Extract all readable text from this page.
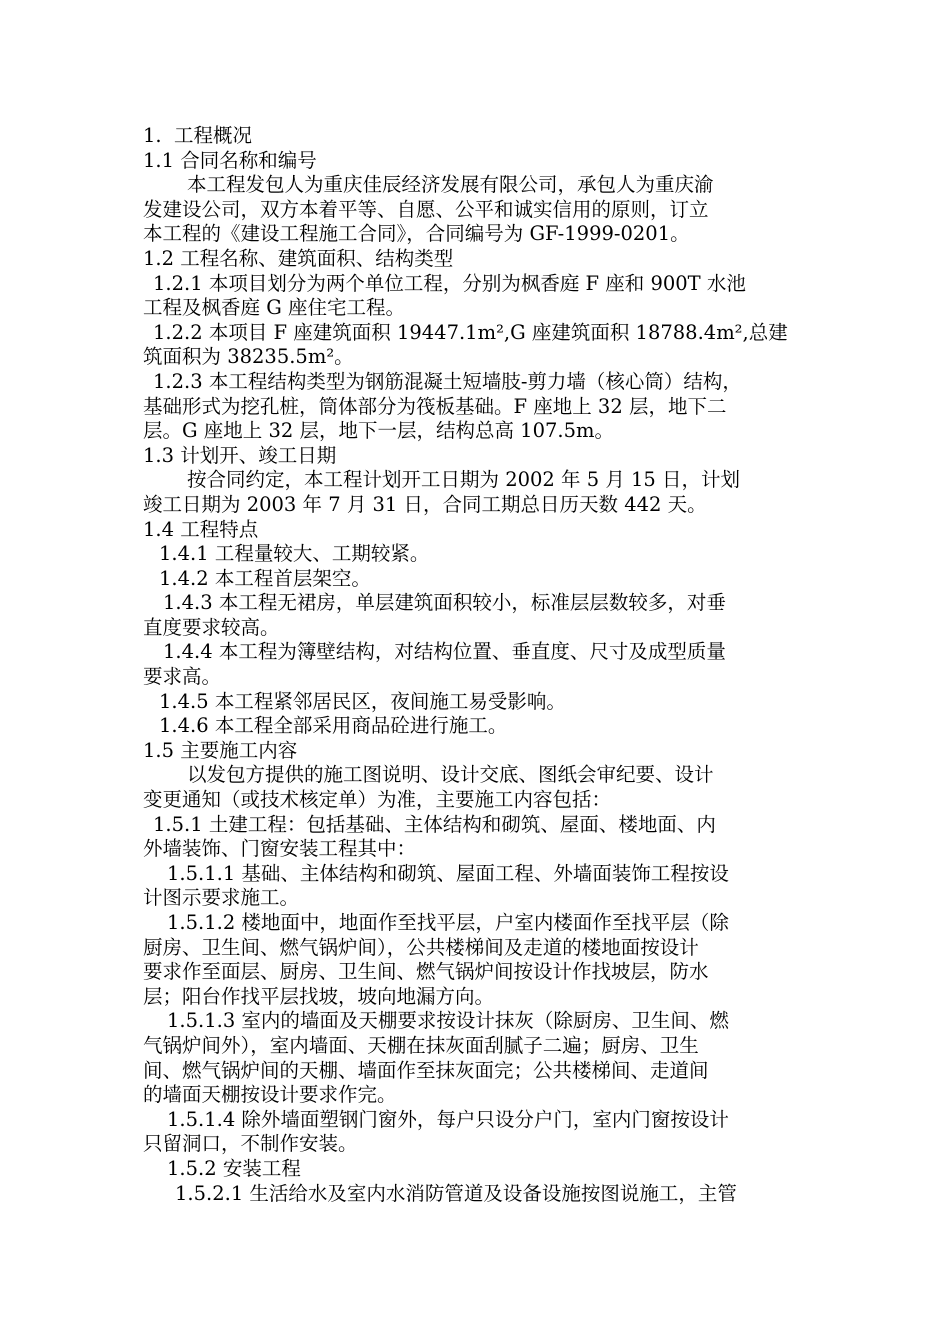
1.  工程概况
1.1 合同名称和编号
本工程发包人为重庆佳辰经济发展有限公司，承包人为重庆渝
发建设公司，双方本着平等、自愿、公平和诚实信用的原则，订立
本工程的《建设工程施工合同》，合同编号为 GF-1999-0201。
1.2 工程名称、建筑面积、结构类型
1.2.1 本项目划分为两个单位工程，分别为枫香庭 F 座和 900T 水池
工程及枫香庭 G 座住宅工程。
1.2.2 本项目 F 座建筑面积 19447.1m²,G 座建筑面积 18788.4m²,总建
筑面积为 38235.5m²。
1.2.3 本工程结构类型为钢筋混凝土短墙肢-剪力墙（核心筒）结构，
基础形式为挖孔桩，筒体部分为筏板基础。F 座地上 32 层，地下二
层。G 座地上 32 层，地下一层，结构总高 107.5m。
1.3 计划开、竣工日期
按合同约定，本工程计划开工日期为 2002 年 5 月 15 日，计划
竣工日期为 2003 年 7 月 31 日，合同工期总日历天数 442 天。
1.4 工程特点
1.4.1 工程量较大、工期较紧。
1.4.2 本工程首层架空。
1.4.3 本工程无裙房，单层建筑面积较小，标准层层数较多，对垂
直度要求较高。
1.4.4 本工程为簿壁结构，对结构位置、垂直度、尺寸及成型质量
要求高。
1.4.5 本工程紧邻居民区，夜间施工易受影响。
1.4.6 本工程全部采用商品砼进行施工。
1.5 主要施工内容
以发包方提供的施工图说明、设计交底、图纸会审纪要、设计
变更通知（或技术核定单）为准，主要施工内容包括：
1.5.1 土建工程：包括基础、主体结构和砌筑、屋面、楼地面、内
外墙装饰、门窗安装工程其中：
1.5.1.1 基础、主体结构和砌筑、屋面工程、外墙面装饰工程按设
计图示要求施工。
1.5.1.2 楼地面中，地面作至找平层，户室内楼面作至找平层（除
厨房、卫生间、燃气锅炉间），公共楼梯间及走道的楼地面按设计
要求作至面层、厨房、卫生间、燃气锅炉间按设计作找坡层，防水
层；阳台作找平层找坡，坡向地漏方向。
1.5.1.3 室内的墙面及天棚要求按设计抹灰（除厨房、卫生间、燃
气锅炉间外），室内墙面、天棚在抹灰面刮腻子二遍；厨房、卫生
间、燃气锅炉间的天棚、墙面作至抹灰面完；公共楼梯间、走道间
的墙面天棚按设计要求作完。
1.5.1.4 除外墙面塑钢门窗外，每户只设分户门，室内门窗按设计
只留洞口，不制作安装。
1.5.2 安装工程
1.5.2.1 生活给水及室内水消防管道及设备设施按图说施工，主管
